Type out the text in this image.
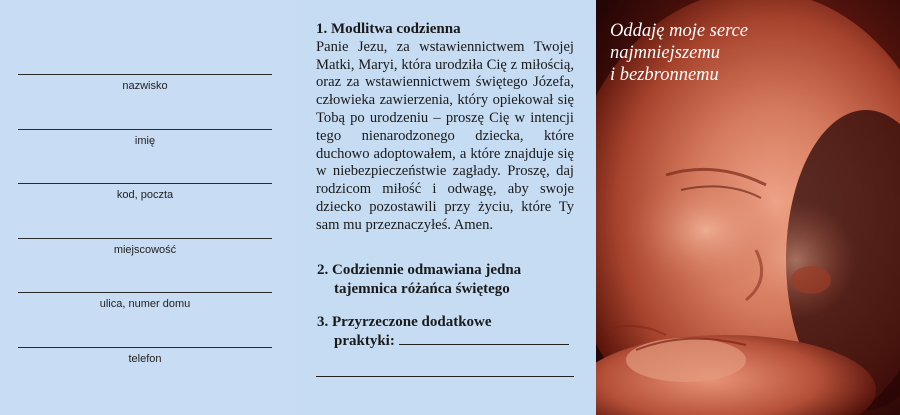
nazwisko
imię
kod, poczta
miejscowość
ulica, numer domu
telefon
1. Modlitwa codzienna
Panie Jezu, za wstawiennictwem Twojej Matki, Maryi, która urodziła Cię z miłością, oraz za wstawiennictwem świętego Józefa, człowieka zawierzenia, który opiekował się Tobą po urodzeniu – proszę Cię w intencji tego nienarodzonego dziecka, które duchowo adoptowałem, a które znajduje się w niebezpieczeństwie zagłady. Proszę, daj rodzicom miłość i odwagę, aby swoje dziecko pozostawili przy życiu, które Ty sam mu przeznaczyłeś. Amen.
2. Codziennie odmawiana jedna
tajemnica różańca świętego
3. Przyrzeczone dodatkowe
praktyki:
Oddaję moje serce
najmniejszemu
i bezbronnemu
